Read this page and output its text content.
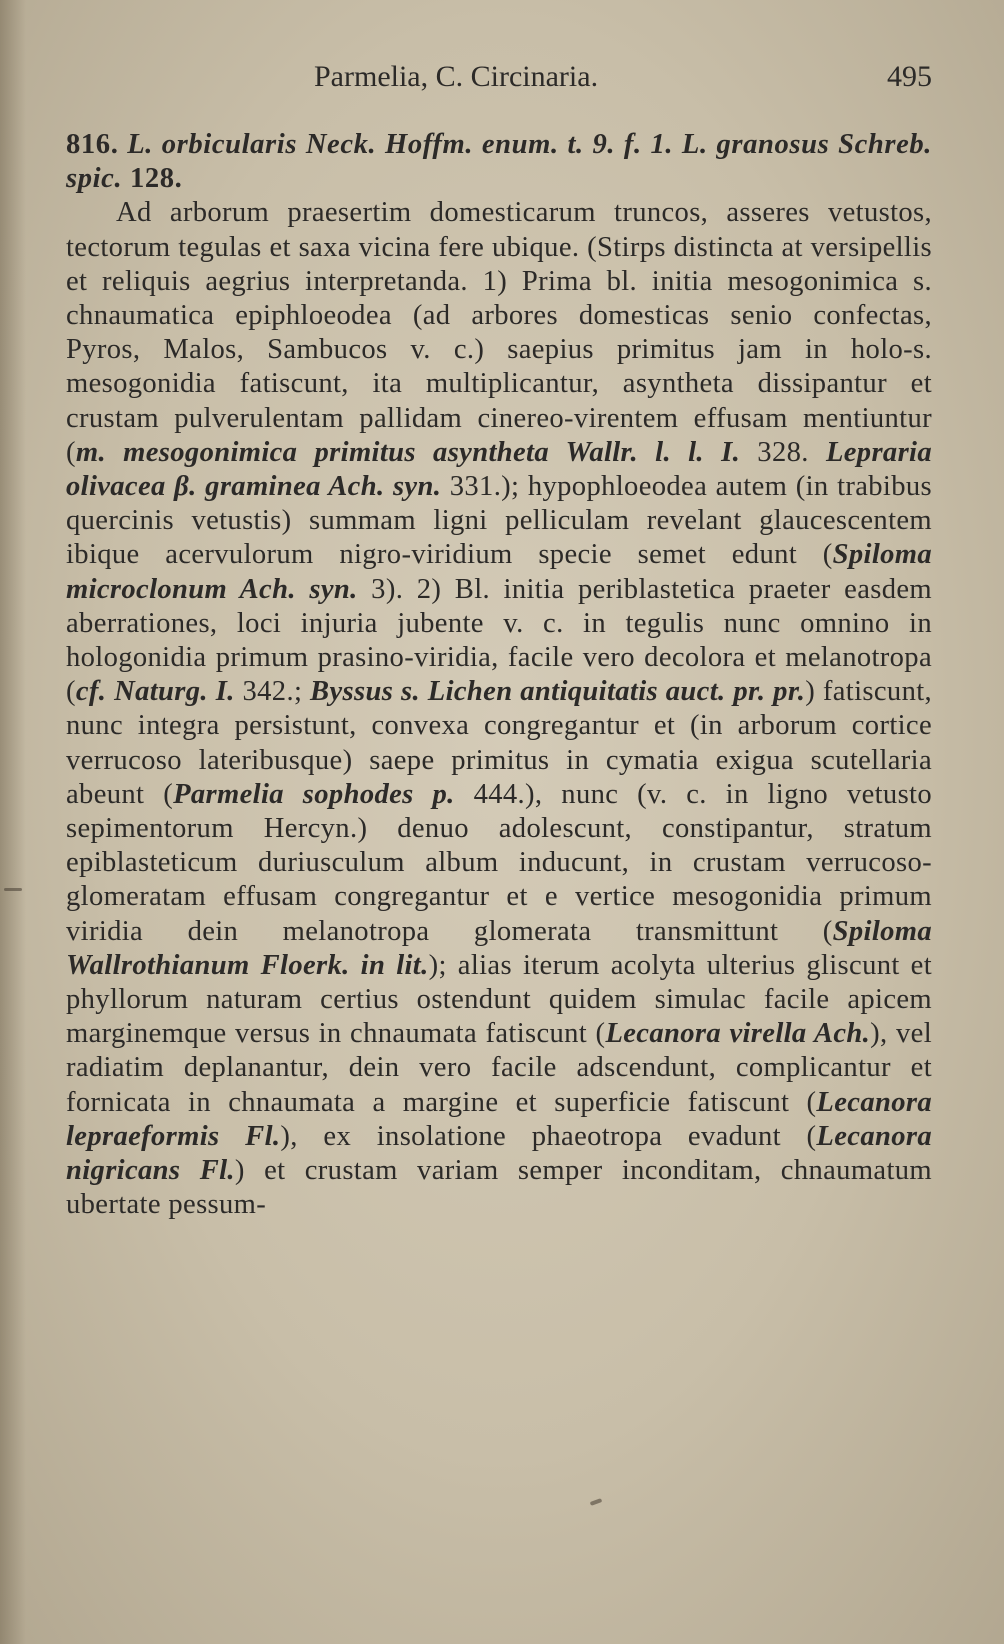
Parmelia, C. Circinaria.	495

816. L. orbicularis Neck. Hoffm. enum. t. 9. f. 1. L. granosus Schreb. spic. 128.

Ad arborum praesertim domesticarum truncos, asseres vetustos, tectorum tegulas et saxa vicina fere ubique. (Stirps distincta at versipellis et reliquis aegrius interpretanda. 1) Prima bl. initia mesogonimica s. chnaumatica epiphloeodea (ad arbores domesticas senio confectas, Pyros, Malos, Sambucos v. c.) saepius primitus jam in holo-s. mesogonidia fatiscunt, ita multiplicantur, asyntheta dissipantur et crustam pulverulentam pallidam cinereo-virentem effusam mentiuntur (m. mesogonimica primitus asyntheta Wallr. l. l. I. 328. Lepraria olivacea β. graminea Ach. syn. 331.); hypophloeodea autem (in trabibus quercinis vetustis) summam ligni pelliculam revelant glaucescentem ibique acervulorum nigro-viridium specie semet edunt (Spiloma microclonum Ach. syn. 3). 2) Bl. initia periblastetica praeter easdem aberrationes, loci injuria jubente v. c. in tegulis nunc omnino in hologonidia primum prasino-viridia, facile vero decolora et melanotropa (cf. Naturg. I. 342.; Byssus s. Lichen antiquitatis auct. pr. pr.) fatiscunt, nunc integra persistunt, convexa congregantur et (in arborum cortice verrucoso lateribusque) saepe primitus in cymatia exigua scutellaria abeunt (Parmelia sophodes p. 444.), nunc (v. c. in ligno vetusto sepimentorum Hercyn.) denuo adolescunt, constipantur, stratum epiblasteticum duriusculum album inducunt, in crustam verrucoso-glomeratam effusam congregantur et e vertice mesogonidia primum viridia dein melanotropa glomerata transmittunt (Spiloma Wallrothianum Floerk. in lit.); alias iterum acolyta ulterius gliscunt et phyllorum naturam certius ostendunt quidem simulac facile apicem marginemque versus in chnaumata fatiscunt (Lecanora virella Ach.), vel radiatim deplanantur, dein vero facile adscendunt, complicantur et fornicata in chnaumata a margine et superficie fatiscunt (Lecanora lepraeformis Fl.), ex insolatione phaeotropa evadunt (Lecanora nigricans Fl.) et crustam variam semper inconditam, chnaumatum ubertate pessum-
